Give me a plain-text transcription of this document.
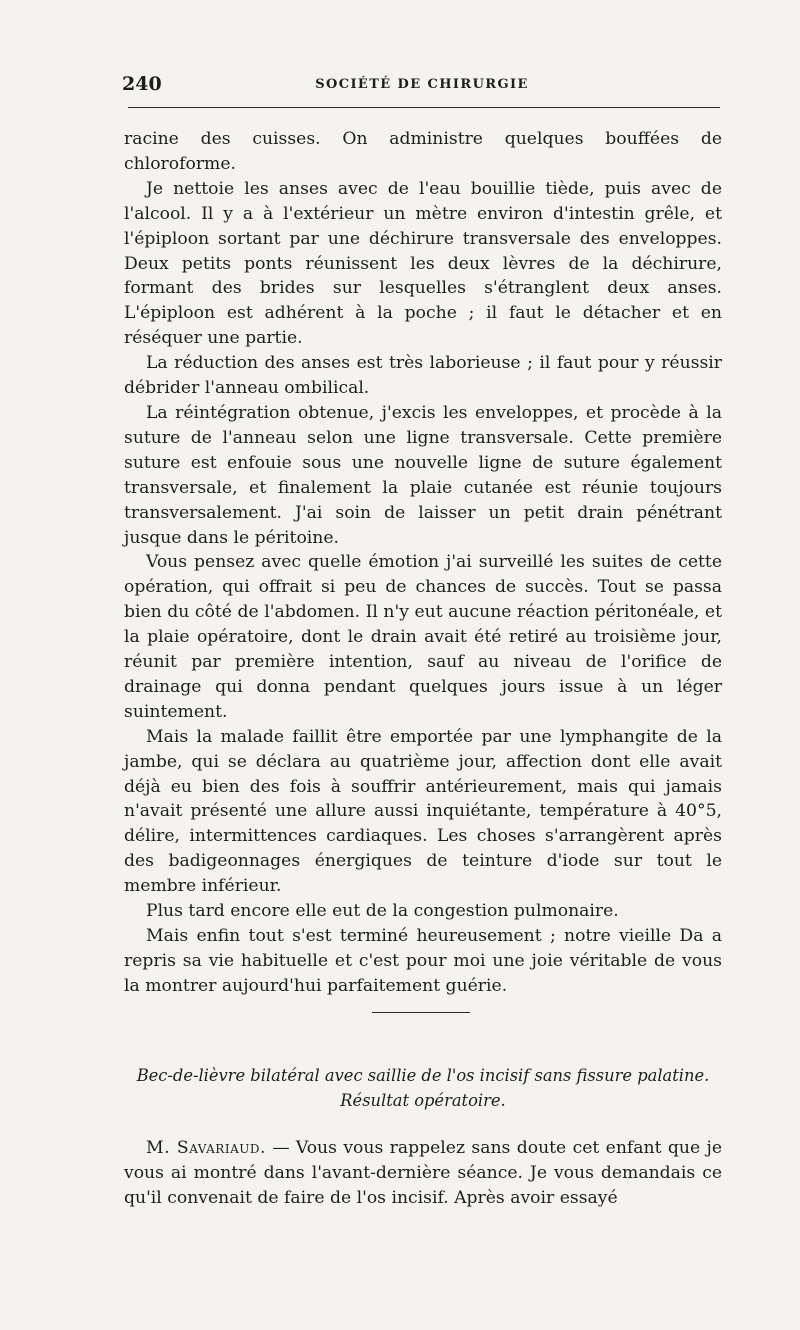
240	SOCIÉTÉ DE CHIRURGIE

racine des cuisses. On administre quelques bouffées de chloroforme.

Je nettoie les anses avec de l'eau bouillie tiède, puis avec de l'alcool. Il y a à l'extérieur un mètre environ d'intestin grêle, et l'épiploon sortant par une déchirure transversale des enveloppes. Deux petits ponts réunissent les deux lèvres de la déchirure, formant des brides sur lesquelles s'étranglent deux anses. L'épiploon est adhérent à la poche ; il faut le détacher et en réséquer une partie.

La réduction des anses est très laborieuse ; il faut pour y réussir débrider l'anneau ombilical.

La réintégration obtenue, j'excis les enveloppes, et procède à la suture de l'anneau selon une ligne transversale. Cette première suture est enfouie sous une nouvelle ligne de suture également transversale, et finalement la plaie cutanée est réunie toujours transversalement. J'ai soin de laisser un petit drain pénétrant jusque dans le péritoine.

Vous pensez avec quelle émotion j'ai surveillé les suites de cette opération, qui offrait si peu de chances de succès. Tout se passa bien du côté de l'abdomen. Il n'y eut aucune réaction péritonéale, et la plaie opératoire, dont le drain avait été retiré au troisième jour, réunit par première intention, sauf au niveau de l'orifice de drainage qui donna pendant quelques jours issue à un léger suintement.

Mais la malade faillit être emportée par une lymphangite de la jambe, qui se déclara au quatrième jour, affection dont elle avait déjà eu bien des fois à souffrir antérieurement, mais qui jamais n'avait présenté une allure aussi inquiétante, température à 40°5, délire, intermittences cardiaques. Les choses s'arrangèrent après des badigeonnages énergiques de teinture d'iode sur tout le membre inférieur.

Plus tard encore elle eut de la congestion pulmonaire.

Mais enfin tout s'est terminé heureusement ; notre vieille Da a repris sa vie habituelle et c'est pour moi une joie véritable de vous la montrer aujourd'hui parfaitement guérie.

Bec-de-lièvre bilatéral avec saillie de l'os incisif sans fissure palatine.
Résultat opératoire.

M. Savariaud. — Vous vous rappelez sans doute cet enfant que je vous ai montré dans l'avant-dernière séance. Je vous demandais ce qu'il convenait de faire de l'os incisif. Après avoir essayé
